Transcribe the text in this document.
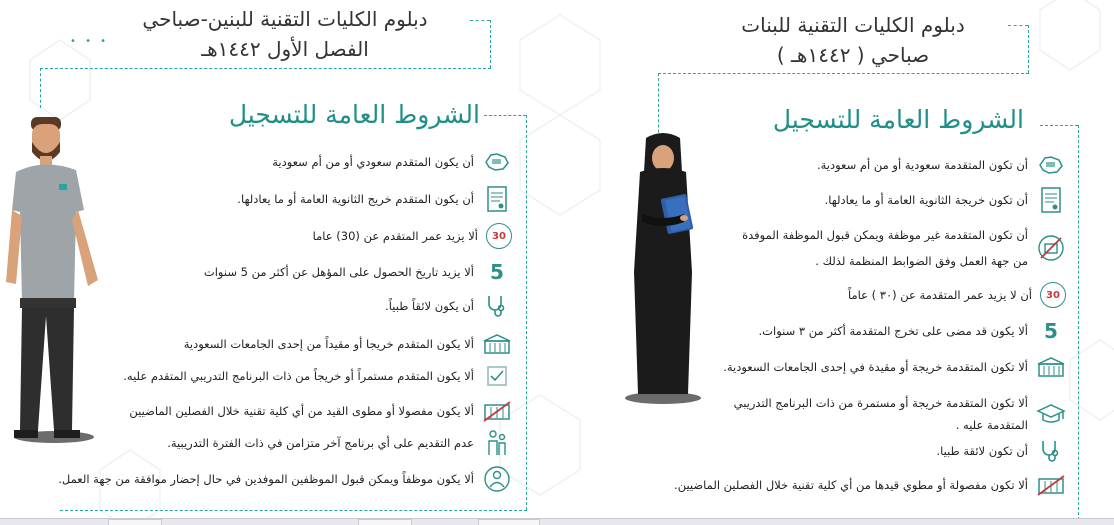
دبلوم الكليات التقنية للبنين-صباحي
الفصل الأول ١٤٤٢هـ
• • •
الشروط العامة للتسجيل
أن يكون المتقدم سعودي أو من أم سعودية
أن يكون المتقدم خريج الثانوية العامة أو ما يعادلها.
30
ألا يزيد عمر المتقدم عن (30) عاما
5
ألا يزيد تاريخ الحصول على المؤهل عن أكثر من 5 سنوات
أن يكون لائقاً طبياً.
ألا يكون المتقدم خريجا أو مقيداً من إحدى الجامعات السعودية
ألا يكون المتقدم مستمراً أو خريجاً من ذات البرنامج التدريبي المتقدم عليه.
ألا يكون مفصولا أو مطوى القيد من أي كلية تقنية خلال الفصلين الماضيين
عدم التقديم على أي برنامج آخر متزامن في ذات الفترة التدريبية.
ألا يكون موظفاً ويمكن قبول الموظفين الموفدين في حال إحضار موافقة من جهة العمل.
دبلوم الكليات التقنية للبنات
صباحي ( ١٤٤٢هـ )
الشروط العامة للتسجيل
أن تكون المتقدمة سعودية أو من أم سعودية.
أن تكون خريجة الثانوية العامة أو ما يعادلها.
أن تكون المتقدمة غير موظفة ويمكن قبول الموظفة الموفدة من جهة العمل وفق الضوابط المنظمة لذلك .
30
أن لا يزيد عمر المتقدمة عن (٣٠ ) عاماً
5
ألا يكون قد مضى على تخرج المتقدمة أكثر من ٣ سنوات.
ألا تكون المتقدمة خريجة أو مقيدة في إحدى الجامعات السعودية.
ألا تكون المتقدمة خريجة أو مستمرة من ذات البرنامج التدريبي المتقدمة عليه .
أن تكون لائقة طبيا.
ألا تكون مفصولة أو مطوي قيدها من أي كلية تقنية خلال الفصلين الماضيين.
